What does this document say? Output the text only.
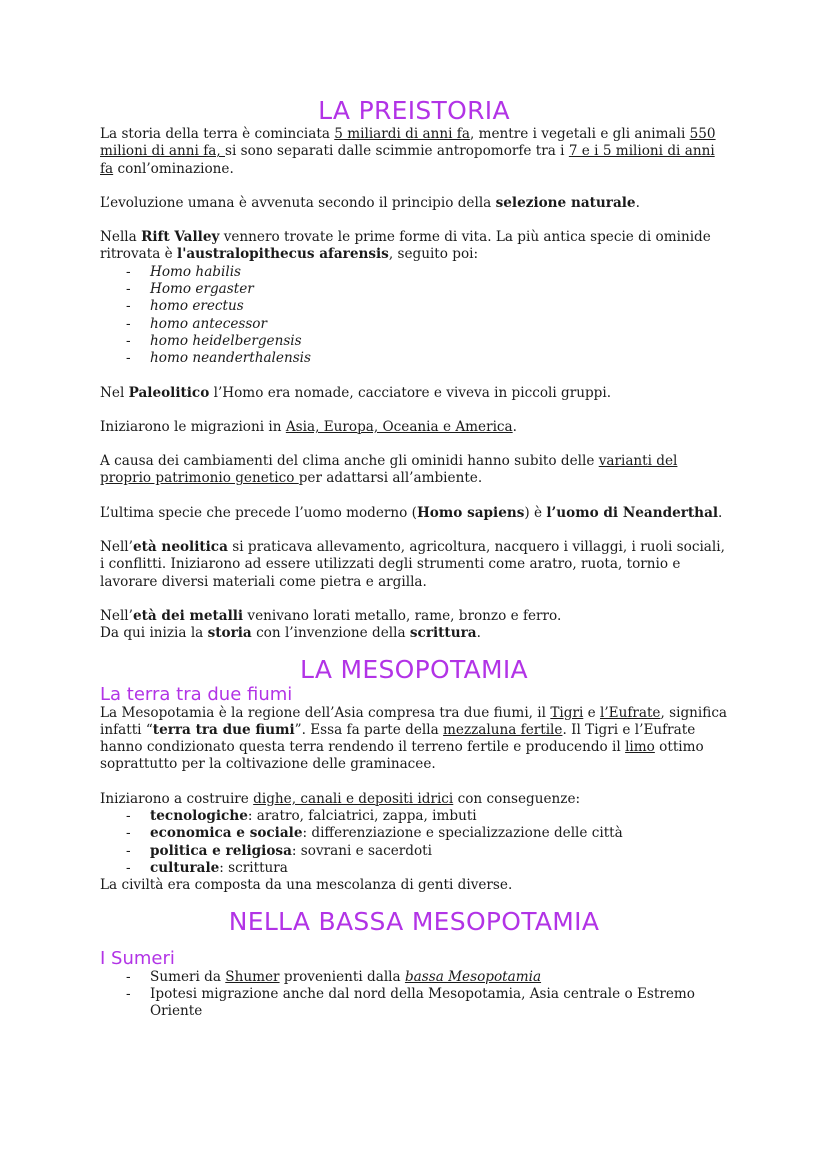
LA PREISTORIA

La storia della terra è cominciata 5 miliardi di anni fa, mentre i vegetali e gli animali 550 milioni di anni fa, si sono separati dalle scimmie antropomorfe tra i 7 e i 5 milioni di anni fa conl’ominazione.

L’evoluzione umana è avvenuta secondo il principio della selezione naturale.

Nella Rift Valley vennero trovate le prime forme di vita. La più antica specie di ominide ritrovata è l'australopithecus afarensis, seguito poi:

- Homo habilis
- Homo ergaster
- homo erectus
- homo antecessor
- homo heidelbergensis
- homo neanderthalensis

Nel Paleolitico l’Homo era nomade, cacciatore e viveva in piccoli gruppi.

Iniziarono le migrazioni in Asia, Europa, Oceania e America.

A causa dei cambiamenti del clima anche gli ominidi hanno subito delle varianti del proprio patrimonio genetico per adattarsi all’ambiente.

L’ultima specie che precede l’uomo moderno (Homo sapiens) è l’uomo di Neanderthal.

Nell’età neolitica si praticava allevamento, agricoltura, nacquero i villaggi, i ruoli sociali, i conflitti. Iniziarono ad essere utilizzati degli strumenti come aratro, ruota, tornio e lavorare diversi materiali come pietra e argilla.

Nell’età dei metalli venivano lorati metallo, rame, bronzo e ferro.

Da qui inizia la storia con l’invenzione della scrittura.

LA MESOPOTAMIA
La terra tra due fiumi

La Mesopotamia è la regione dell’Asia compresa tra due fiumi, il Tigri e l’Eufrate, significa infatti “terra tra due fiumi”. Essa fa parte della mezzaluna fertile. Il Tigri e l’Eufrate hanno condizionato questa terra rendendo il terreno fertile e producendo il limo ottimo soprattutto per la coltivazione delle graminacee.

Iniziarono a costruire dighe, canali e depositi idrici con conseguenze:

- tecnologiche: aratro, falciatrici, zappa, imbuti
- economica e sociale: differenziazione e specializzazione delle città
- politica e religiosa: sovrani e sacerdoti
- culturale: scrittura

La civiltà era composta da una mescolanza di genti diverse.

NELLA BASSA MESOPOTAMIA
I Sumeri
- Sumeri da Shumer provenienti dalla bassa Mesopotamia
- Ipotesi migrazione anche dal nord della Mesopotamia, Asia centrale o Estremo Oriente
